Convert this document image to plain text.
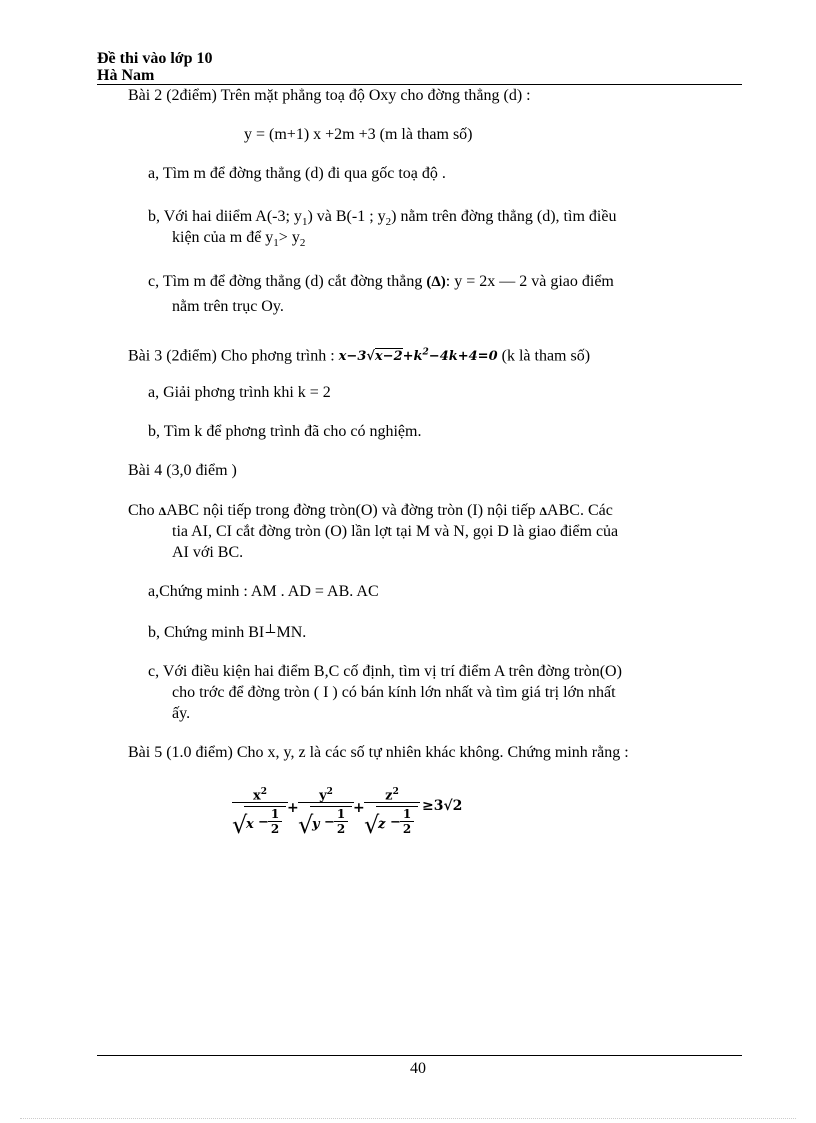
Đề thi vào lớp 10
Hà Nam
Bài 2 (2điểm) Trên mặt phẳng toạ độ Oxy cho đờng thẳng (d) :
y = (m+1) x +2m +3 (m là tham số)
a, Tìm m để đờng thẳng (d) đi qua gốc toạ độ .
b, Với hai diiểm A(-3; $y_1$) và B(-1 ; $y_2$) nằm trên đờng thẳng (d), tìm điều
kiện của m để $y_1> y_2$
c, Tìm m để đờng thẳng (d) cắt đờng thẳng (Δ): y = 2x — 2 và giao điểm
nằm trên trục Oy.
Bài 3 (2điểm) Cho phơng trình : $x-3√x-2+k^2-4k+4=0$ (k là tham số)
a, Giải phơng trình khi k = 2
b, Tìm k để phơng trình đã cho có nghiệm.
Bài 4 (3,0 điểm )
Cho ΔABC nội tiếp trong đờng tròn(O) và đờng tròn (I) nội tiếp ΔABC. Các
tia AI, CI cắt đờng tròn (O) lần lợt tại M và N, gọi D là giao điểm của
AI với BC.
a,Chứng minh : AM . AD = AB. AC
b, Chứng minh BI⊥MN.
c, Với điều kiện hai điểm B,C cố định, tìm vị trí điểm A trên đờng tròn(O)
cho trớc để đờng tròn ( I ) có bán kính lớn nhất và tìm giá trị lớn nhất
ấy.
Bài 5 (1.0 điểm) Cho x, y, z là các số tự nhiên khác không. Chứng minh rằng :
$x^2$
√
x −
1
2
+
$y^2$
√
y −
1
2
+
$z^2$
√
z −
1
2
≥3√2
40
